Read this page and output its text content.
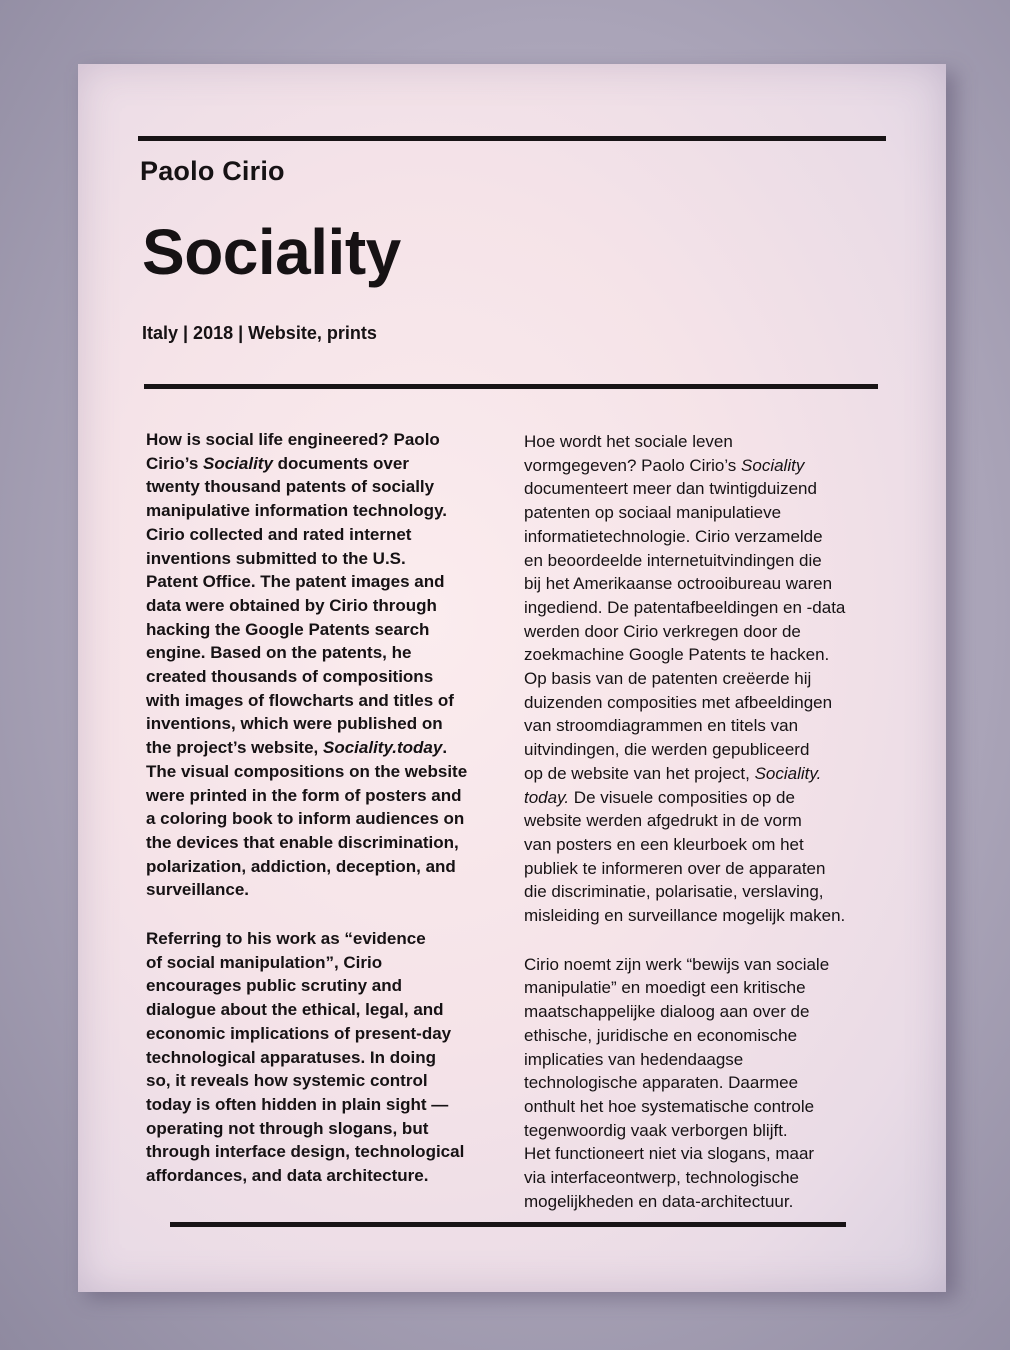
Paolo Cirio
Sociality
Italy | 2018 | Website, prints

How is social life engineered? Paolo
Cirio’s Sociality documents over
twenty thousand patents of socially
manipulative information technology.
Cirio collected and rated internet
inventions submitted to the U.S.
Patent Office. The patent images and
data were obtained by Cirio through
hacking the Google Patents search
engine. Based on the patents, he
created thousands of compositions
with images of flowcharts and titles of
inventions, which were published on
the project’s website, Sociality.today.
The visual compositions on the website
were printed in the form of posters and
a coloring book to inform audiences on
the devices that enable discrimination,
polarization, addiction, deception, and
surveillance.

Referring to his work as “evidence
of social manipulation”, Cirio
encourages public scrutiny and
dialogue about the ethical, legal, and
economic implications of present-day
technological apparatuses. In doing
so, it reveals how systemic control
today is often hidden in plain sight —
operating not through slogans, but
through interface design, technological
affordances, and data architecture.

Hoe wordt het sociale leven
vormgegeven? Paolo Cirio’s Sociality
documenteert meer dan twintigduizend
patenten op sociaal manipulatieve
informatietechnologie. Cirio verzamelde
en beoordeelde internetuitvindingen die
bij het Amerikaanse octrooibureau waren
ingediend. De patentafbeeldingen en -data
werden door Cirio verkregen door de
zoekmachine Google Patents te hacken.
Op basis van de patenten creëerde hij
duizenden composities met afbeeldingen
van stroomdiagrammen en titels van
uitvindingen, die werden gepubliceerd
op de website van het project, Sociality.
today. De visuele composities op de
website werden afgedrukt in de vorm
van posters en een kleurboek om het
publiek te informeren over de apparaten
die discriminatie, polarisatie, verslaving,
misleiding en surveillance mogelijk maken.

Cirio noemt zijn werk “bewijs van sociale
manipulatie” en moedigt een kritische
maatschappelijke dialoog aan over de
ethische, juridische en economische
implicaties van hedendaagse
technologische apparaten. Daarmee
onthult het hoe systematische controle
tegenwoordig vaak verborgen blijft.
Het functioneert niet via slogans, maar
via interfaceontwerp, technologische
mogelijkheden en data-architectuur.
